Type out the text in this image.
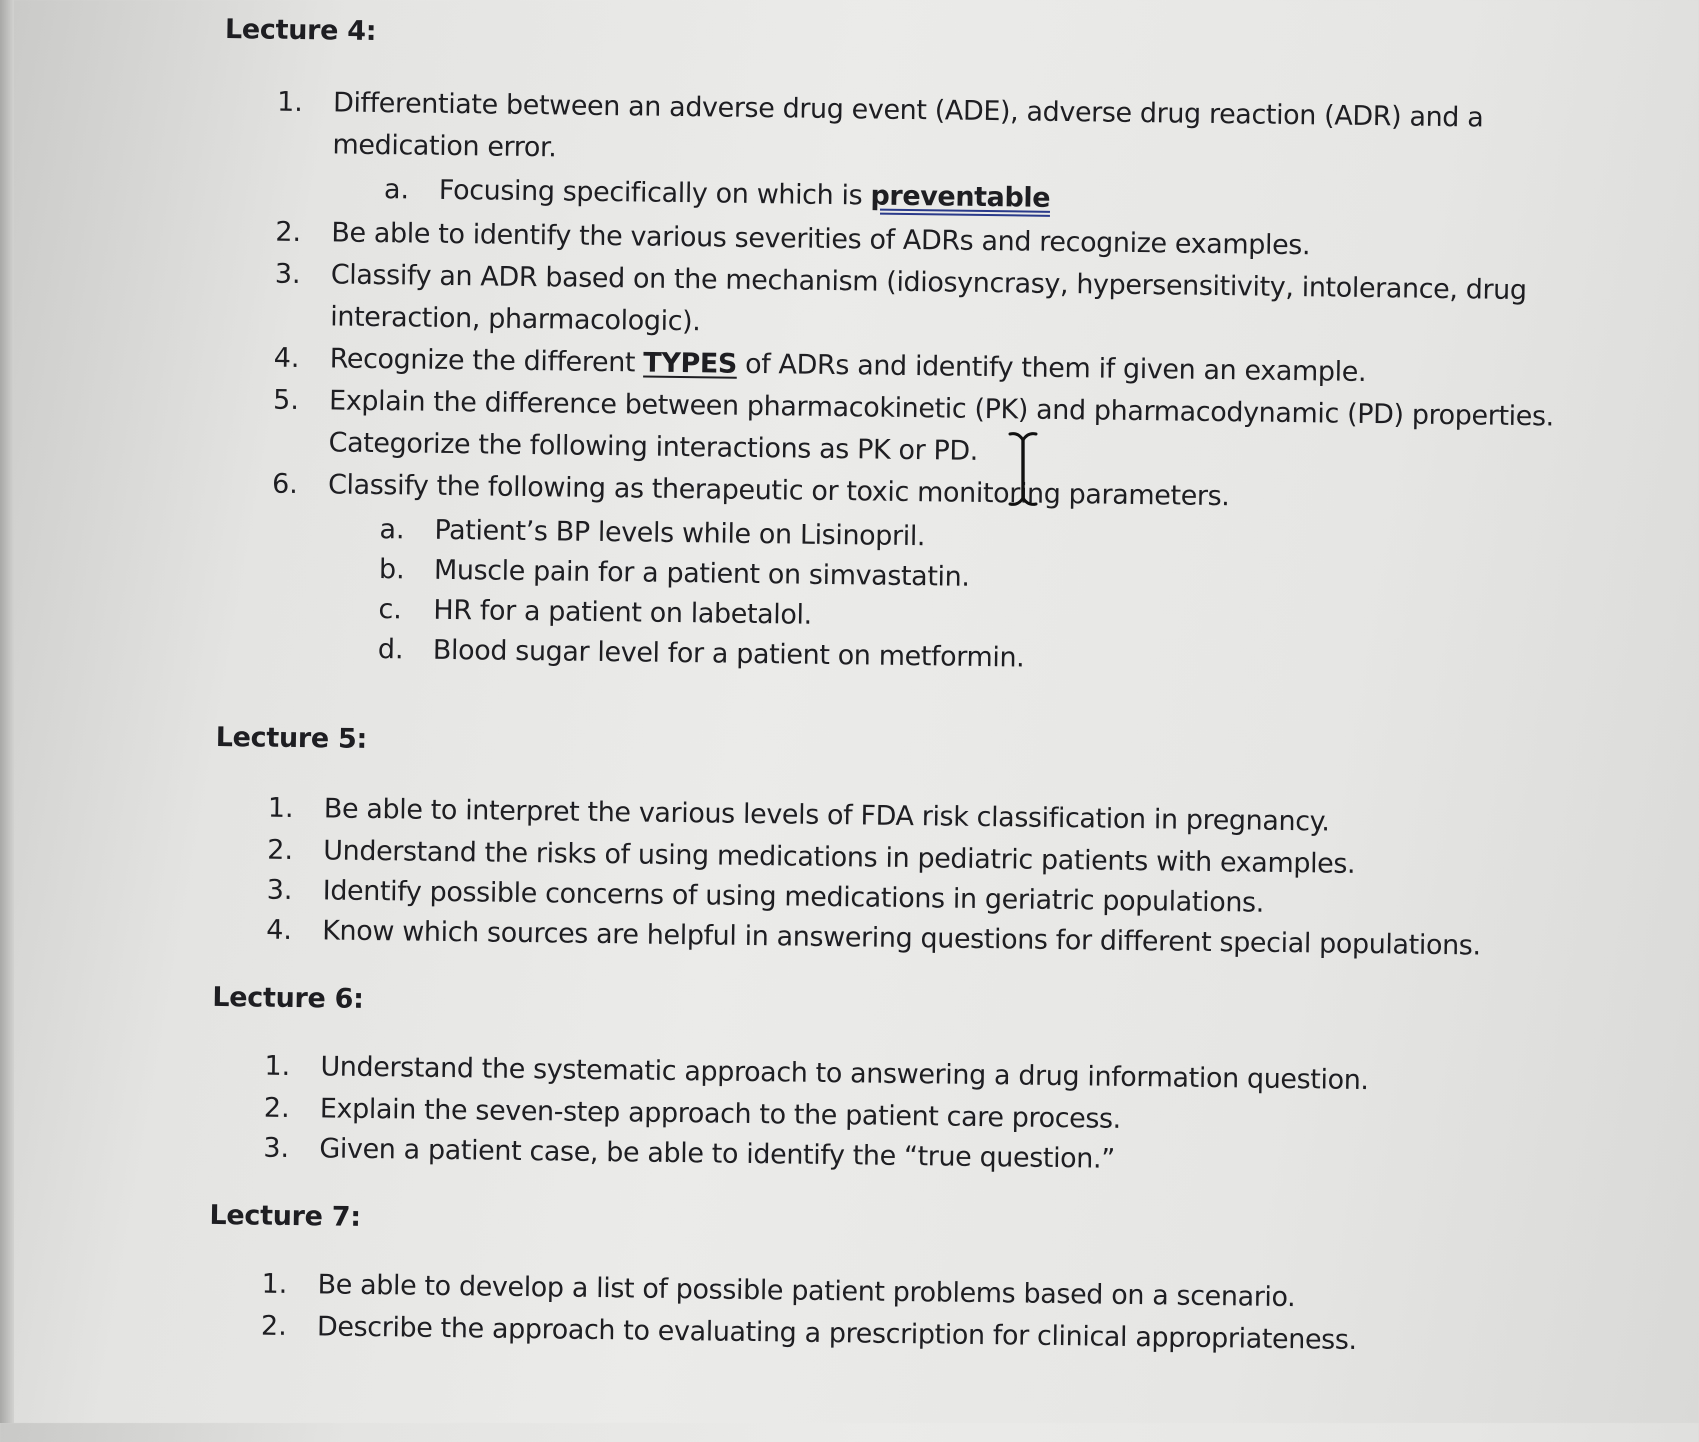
Lecture 4:
1. Differentiate between an adverse drug event (ADE), adverse drug reaction (ADR) and a
medication error.
a. Focusing specifically on which is preventable
2. Be able to identify the various severities of ADRs and recognize examples.
3. Classify an ADR based on the mechanism (idiosyncrasy, hypersensitivity, intolerance, drug
interaction, pharmacologic).
4. Recognize the different TYPES of ADRs and identify them if given an example.
5. Explain the difference between pharmacokinetic (PK) and pharmacodynamic (PD) properties.
Categorize the following interactions as PK or PD.
6. Classify the following as therapeutic or toxic monitoring parameters.
a. Patient’s BP levels while on Lisinopril.
b. Muscle pain for a patient on simvastatin.
c. HR for a patient on labetalol.
d. Blood sugar level for a patient on metformin.
Lecture 5:
1. Be able to interpret the various levels of FDA risk classification in pregnancy.
2. Understand the risks of using medications in pediatric patients with examples.
3. Identify possible concerns of using medications in geriatric populations.
4. Know which sources are helpful in answering questions for different special populations.
Lecture 6:
1. Understand the systematic approach to answering a drug information question.
2. Explain the seven-step approach to the patient care process.
3. Given a patient case, be able to identify the “true question.”
Lecture 7:
1. Be able to develop a list of possible patient problems based on a scenario.
2. Describe the approach to evaluating a prescription for clinical appropriateness.
